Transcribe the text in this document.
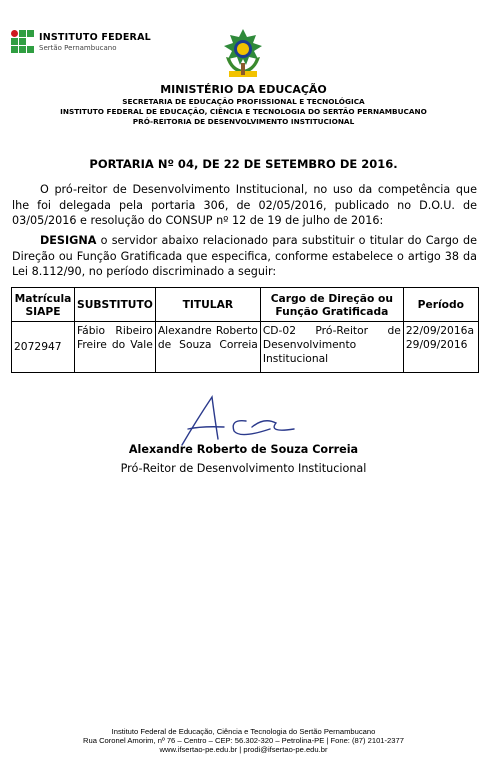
INSTITUTO FEDERAL
Sertão Pernambucano
MINISTÉRIO DA EDUCAÇÃO
SECRETARIA DE EDUCAÇÃO PROFISSIONAL E TECNOLÓGICA
INSTITUTO FEDERAL DE EDUCAÇÃO, CIÊNCIA E TECNOLOGIA DO SERTÃO PERNAMBUCANO
PRÓ-REITORIA DE DESENVOLVIMENTO INSTITUCIONAL
PORTARIA Nº 04, DE 22 DE SETEMBRO DE 2016.
O pró-reitor de Desenvolvimento Institucional, no uso da competência que lhe foi delegada pela portaria 306, de 02/05/2016, publicado no D.O.U. de 03/05/2016 e resolução do CONSUP nº 12 de 19 de julho de 2016:
DESIGNA o servidor abaixo relacionado para substituir o titular do Cargo de Direção ou Função Gratificada que especifica, conforme estabelece o artigo 38 da Lei 8.112/90, no período discriminado a seguir:
Matrícula SIAPE	SUBSTITUTO	TITULAR	Cargo de Direção ou Função Gratificada	Período
2072947	Fábio Ribeiro Freire do Vale	Alexandre Roberto de Souza Correia	CD-02 Pró-Reitor de Desenvolvimento Institucional	22/09/2016a
29/09/2016
Alexandre Roberto de Souza Correia
Pró-Reitor de Desenvolvimento Institucional
Instituto Federal de Educação, Ciência e Tecnologia do Sertão Pernambucano
Rua Coronel Amorim, nº 76 – Centro – CEP: 56.302-320 – Petrolina-PE | Fone: (87) 2101-2377
www.ifsertao-pe.edu.br | prodi@ifsertao-pe.edu.br
